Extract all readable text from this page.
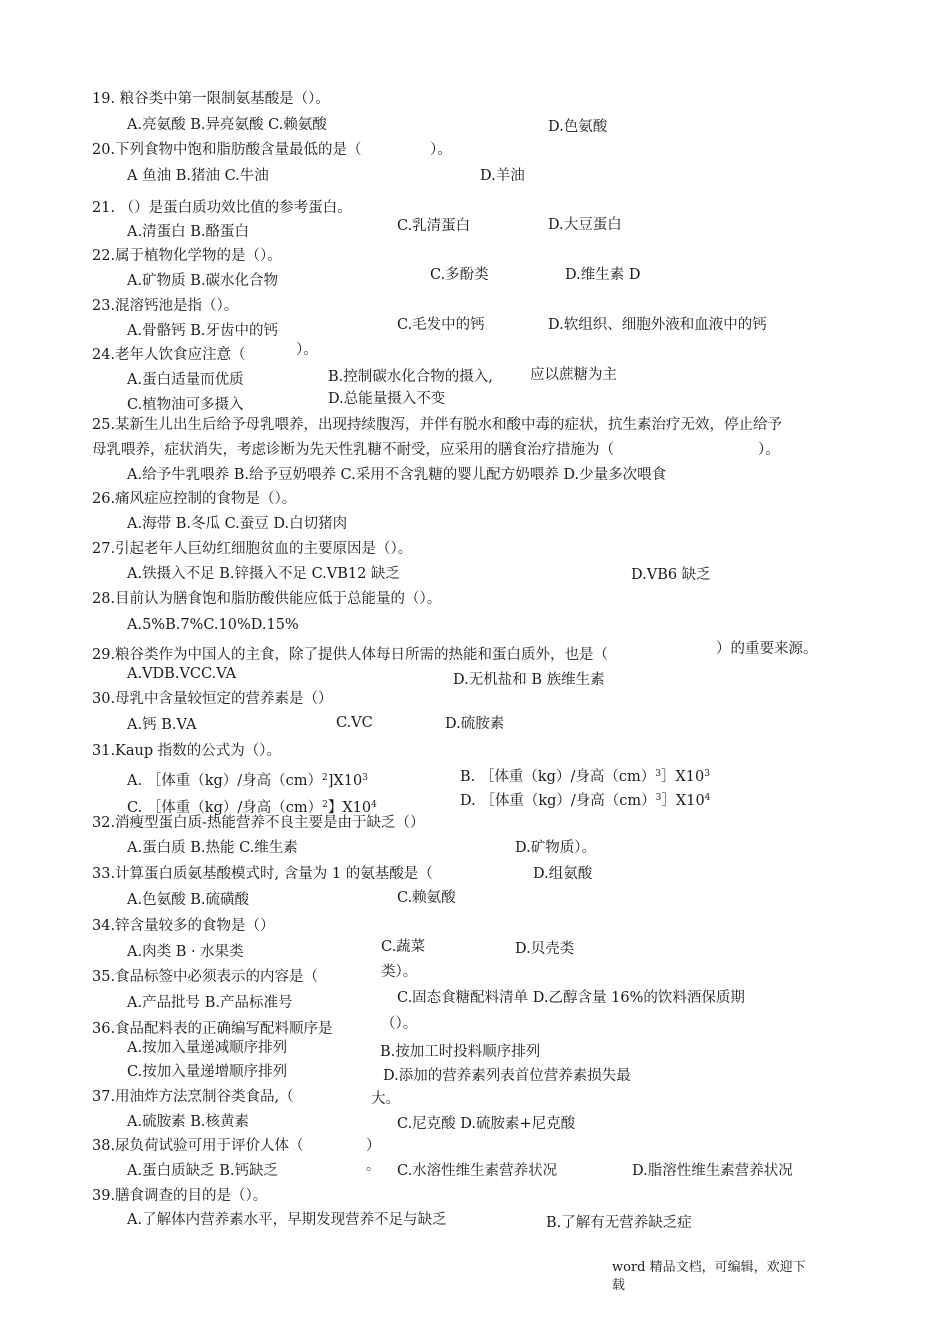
19. 粮谷类中第一限制氨基酸是（）。
A.亮氨酸 B.异亮氨酸 C.赖氨酸	D.色氨酸
20.下列食物中饱和脂肪酸含量最低的是（	）。
A 鱼油 B.猪油 C.牛油	D.羊油
21. （）是蛋白质功效比值的参考蛋白。
A.清蛋白 B.酪蛋白	C.乳清蛋白	D.大豆蛋白
22.属于植物化学物的是（）。
A.矿物质 B.碳水化合物	C.多酚类	D.维生素 D
23.混溶钙池是指（）。
A.骨骼钙 B.牙齿中的钙	C.毛发中的钙	D.软组织、细胞外液和血液中的钙
24.老年人饮食应注意（	）。
A.蛋白适量而优质	B.控制碳水化合物的摄入,	应以蔗糖为主
C.植物油可多摄入	D.总能量摄入不变
25.某新生儿出生后给予母乳喂养，出现持续腹泻，并伴有脱水和酸中毒的症状，抗生素治疗无效，停止给予
母乳喂养，症状消失，考虑诊断为先天性乳糖不耐受，应采用的膳食治疗措施为（	）。
A.给予牛乳喂养 B.给予豆奶喂养 C.采用不含乳糖的婴儿配方奶喂养 D.少量多次喂食
26.痛风症应控制的食物是（）。
A.海带 B.冬瓜 C.蚕豆 D.白切猪肉
27.引起老年人巨幼红细胞贫血的主要原因是（）。
A.铁摄入不足 B.锌摄入不足 C.VB12 缺乏	D.VB6 缺乏
28.目前认为膳食饱和脂肪酸供能应低于总能量的（）。
A.5%B.7%C.10%D.15%
29.粮谷类作为中国人的主食，除了提供人体每日所需的热能和蛋白质外，也是（	）的重要来源。
A.VDB.VCC.VA	D.无机盐和 B 族维生素
30.母乳中含量较恒定的营养素是（）
A.钙 B.VA	C.VC	D.硫胺素
31.Kaup 指数的公式为（）。
A. ［体重（kg）/身高$(cm)^2]X10^3$	B. ［体重（kg）/身高$(cm)^3]X10^3$
C. ［体重（kg）/身高（cm）$^2$】$X10^4$	D. ［体重（kg）/身高$(cm)^3]X10^4$
32.消瘦型蛋白质-热能营养不良主要是由于缺乏（）
A.蛋白质 B.热能 C.维生素	D.矿物质）。
33.计算蛋白质氨基酸模式时, 含量为 1 的氨基酸是（
A.色氨酸 B.硫磺酸	C.赖氨酸
D.组氨酸
34.锌含量较多的食物是（）
A.肉类 B · 水果类	C.蔬菜
类）。
D.贝壳类
35.食品标签中必须表示的内容是（
A.产品批号 B.产品标准号	C.固态食糖配料清单 D.乙醇含量 16%的饮料酒保质期
36.食品配料表的正确编写配料顺序是	（）。
A.按加入量递减顺序排列	B.按加工时投料顺序排列
C.按加入量递增顺序排列	D.添加的营养素列表首位营养素损失最
大。
37.用油炸方法烹制谷类食品,（
A.硫胺素 B.核黄素	C.尼克酸 D.硫胺素+尼克酸
38.尿负荷试验可用于评价人体（	）
A.蛋白质缺乏 B.钙缺乏	。 C.水溶性维生素营养状况	D.脂溶性维生素营养状况
39.膳食调查的目的是（）。
A.了解体内营养素水平，早期发现营养不足与缺乏	B.了解有无营养缺乏症
word 精品文档，可编辑，欢迎下
载
